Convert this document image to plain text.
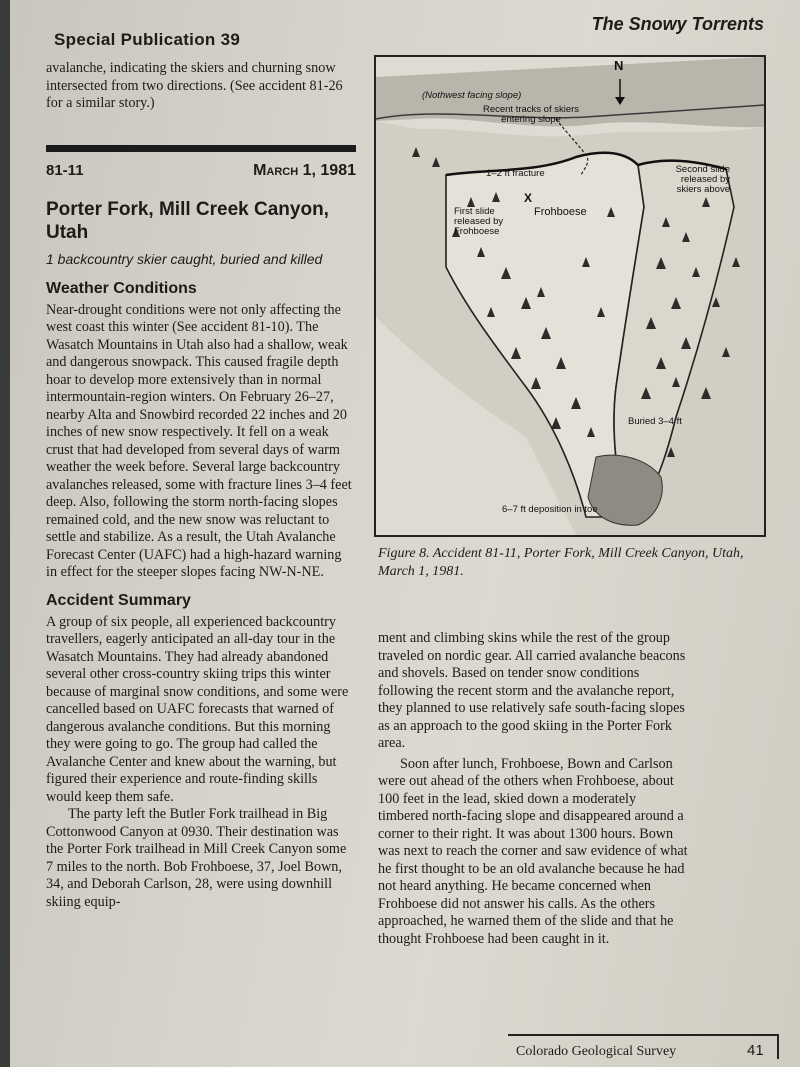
Special Publication 39
The Snowy Torrents

avalanche, indicating the skiers and churning snow intersected from two directions. (See accident 81-26 for a similar story.)

81-11	March 1, 1981
Porter Fork, Mill Creek Canyon, Utah
1 backcountry skier caught, buried and killed
Weather Conditions

Near-drought conditions were not only affecting the west coast this winter (See accident 81-10). The Wasatch Mountains in Utah also had a shallow, weak and dangerous snowpack. This caused fragile depth hoar to develop more extensively than in normal intermountain-region winters. On February 26–27, nearby Alta and Snowbird recorded 22 inches and 20 inches of new snow respectively. It fell on a weak crust that had developed from several days of warm weather the week before. Several large backcountry avalanches released, some with fracture lines 3–4 feet deep. Also, following the storm north-facing slopes remained cold, and the new snow was reluctant to settle and stabilize. As a result, the Utah Avalanche Forecast Center (UAFC) had a high-hazard warning in effect for the steeper slopes facing NW-N-NE.

Accident Summary

A group of six people, all experienced backcountry travellers, eagerly anticipated an all-day tour in the Wasatch Mountains. They had already abandoned several other cross-country skiing trips this winter because of marginal snow conditions, and some were cancelled based on UAFC forecasts that warned of dangerous avalanche conditions. But this morning they were going to go. The group had called the Avalanche Center and knew about the warning, but figured their experience and route-finding skills would keep them safe.

The party left the Butler Fork trailhead in Big Cottonwood Canyon at 0930. Their destination was the Porter Fork trailhead in Mill Creek Canyon some 7 miles to the north. Bob Frohboese, 37, Joel Bown, 34, and Deborah Carlson, 28, were using downhill skiing equip-

N
(Nothwest facing slope)
Recent tracks of skiers entering slope
1–2 ft fracture	Second slide released by skiers above
X
Frohboese
First slide released by Frohboese
Buried 3–4 ft
6–7 ft deposition in toe
Figure 8. Accident 81-11, Porter Fork, Mill Creek Canyon, Utah, March 1, 1981.

ment and climbing skins while the rest of the group traveled on nordic gear. All carried avalanche beacons and shovels. Based on tender snow conditions following the recent storm and the avalanche report, they planned to use relatively safe south-facing slopes as an approach to the good skiing in the Porter Fork area.

Soon after lunch, Frohboese, Bown and Carlson were out ahead of the others when Frohboese, about 100 feet in the lead, skied down a moderately timbered north-facing slope and disappeared around a corner to their right. It was about 1300 hours. Bown was next to reach the corner and saw evidence of what he first thought to be an old avalanche because he had not heard anything. He became concerned when Frohboese did not answer his calls. As the others approached, he warned them of the slide and that he thought Frohboese had been caught in it.

Colorado Geological Survey	41
